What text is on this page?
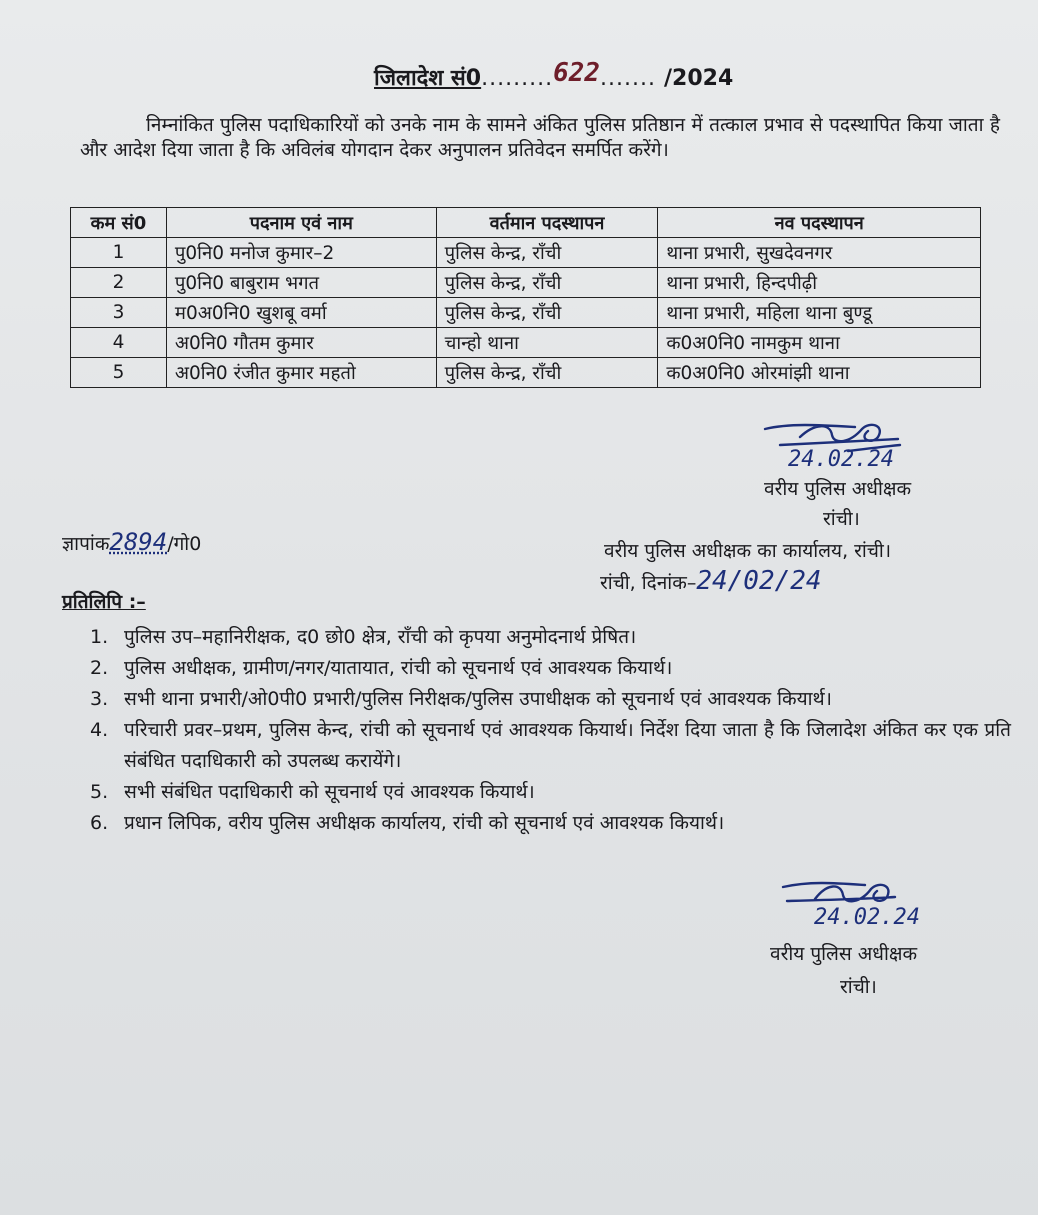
जिलादेश सं0.........622....... /2024
निम्नांकित पुलिस पदाधिकारियों को उनके नाम के सामने अंकित पुलिस प्रतिष्ठान में तत्काल प्रभाव से पदस्थापित किया जाता है और आदेश दिया जाता है कि अविलंब योगदान देकर अनुपालन प्रतिवेदन समर्पित करेंगे।
कम सं0	पदनाम एवं नाम	वर्तमान पदस्थापन	नव पदस्थापन
1	पु0नि0 मनोज कुमार–2	पुलिस केन्द्र, राँची	थाना प्रभारी, सुखदेवनगर
2	पु0नि0 बाबुराम भगत	पुलिस केन्द्र, राँची	थाना प्रभारी, हिन्दपीढ़ी
3	म0अ0नि0 खुशबू वर्मा	पुलिस केन्द्र, राँची	थाना प्रभारी, महिला थाना बुण्डू
4	अ0नि0 गौतम कुमार	चान्हो थाना	क0अ0नि0 नामकुम थाना
5	अ0नि0 रंजीत कुमार महतो	पुलिस केन्द्र, राँची	क0अ0नि0 ओरमांझी थाना
24.02.24
वरीय पुलिस अधीक्षक
रांची।
ज्ञापांक2894/गो0	वरीय पुलिस अधीक्षक का कार्यालय, रांची।
रांची, दिनांक–24/02/24
प्रतिलिपि :–
1. पुलिस उप–महानिरीक्षक, द0 छो0 क्षेत्र, राँची को कृपया अनुमोदनार्थ प्रेषित।
2. पुलिस अधीक्षक, ग्रामीण/नगर/यातायात, रांची को सूचनार्थ एवं आवश्यक कियार्थ।
3. सभी थाना प्रभारी/ओ0पी0 प्रभारी/पुलिस निरीक्षक/पुलिस उपाधीक्षक को सूचनार्थ एवं आवश्यक कियार्थ।
4. परिचारी प्रवर–प्रथम, पुलिस केन्द, रांची को सूचनार्थ एवं आवश्यक कियार्थ। निर्देश दिया जाता है कि जिलादेश अंकित कर एक प्रति संबंधित पदाधिकारी को उपलब्ध करायेंगे।
5. सभी संबंधित पदाधिकारी को सूचनार्थ एवं आवश्यक कियार्थ।
6. प्रधान लिपिक, वरीय पुलिस अधीक्षक कार्यालय, रांची को सूचनार्थ एवं आवश्यक कियार्थ।
24.02.24
वरीय पुलिस अधीक्षक
रांची।
